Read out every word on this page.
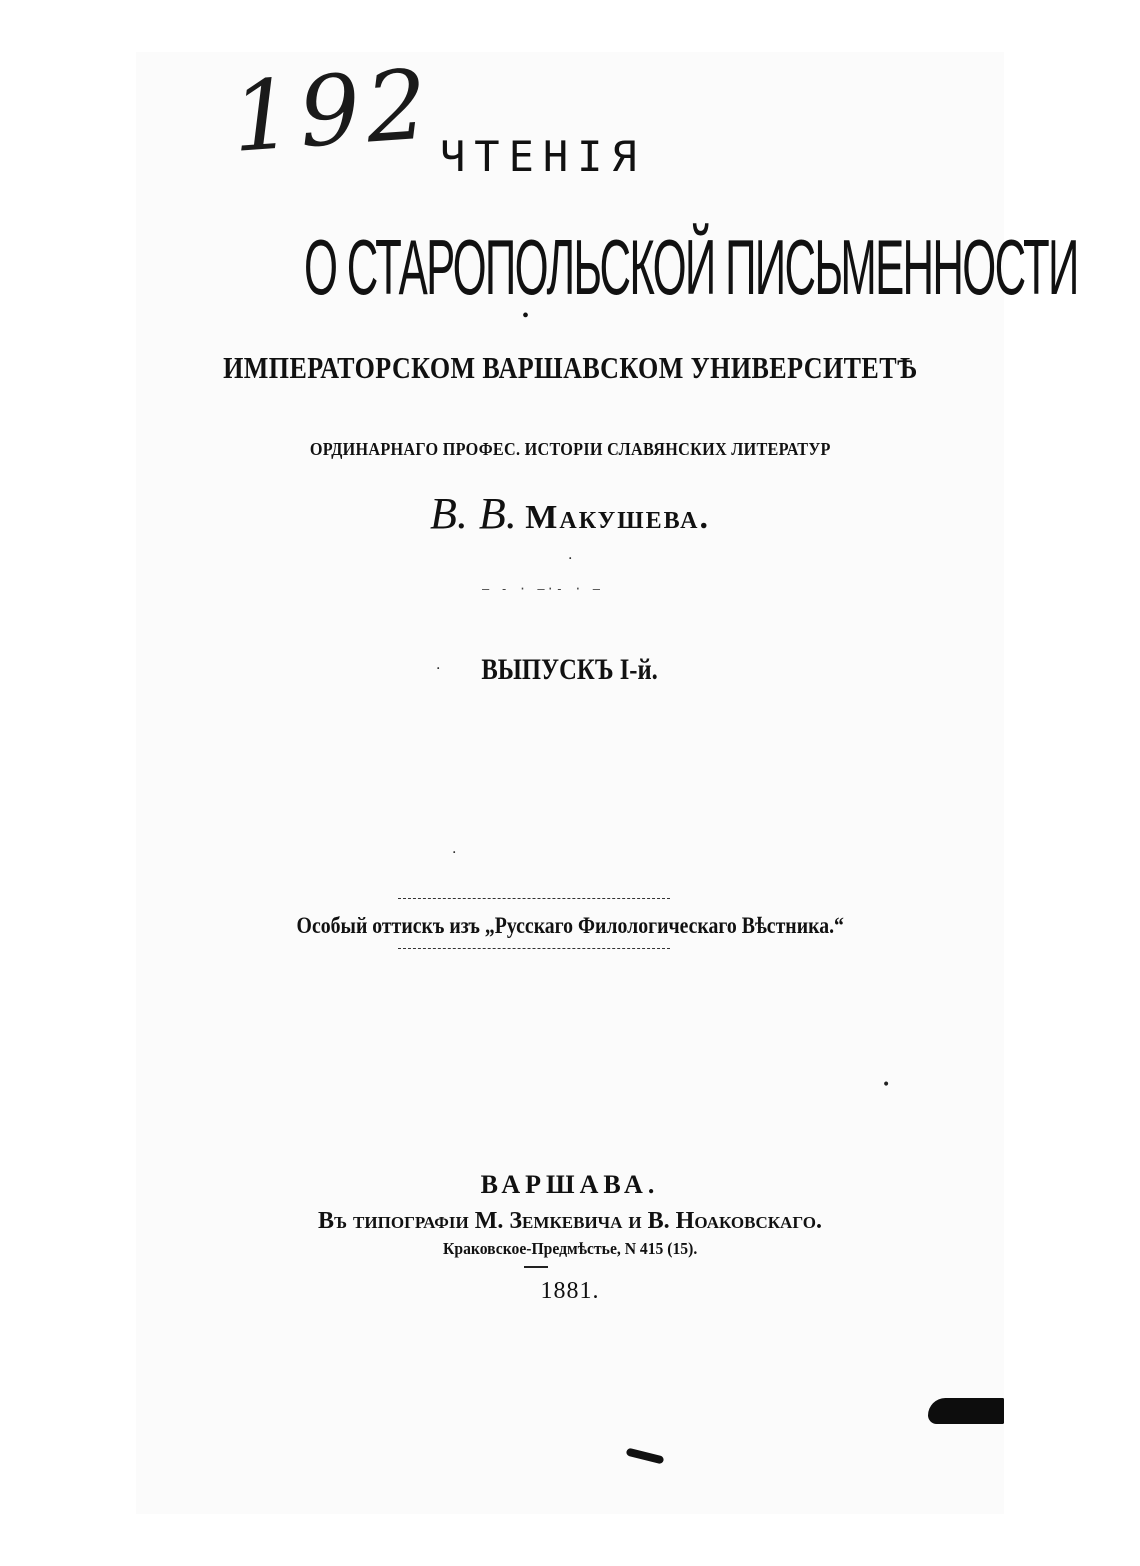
192 ЧТЕНІЯ
О СТАРОПОЛЬСКОЙ ПИСЬМЕННОСТИ
•
ИМПЕРАТОРСКОМ ВАРШАВСКОМ УНИВЕРСИТЕТѢ
ОРДИНАРНАГО ПРОФЕС. ИСТОРІИ СЛАВЯНСКИХ ЛИТЕРАТУР
В. В. Макушева.
.
— - · —·- · —
ВЫПУСКЪ I-й.
·
·
Особый оттискъ изъ „Русскаго Филологическаго Вѣстника.“
•
ВАРШАВА.
Въ типографіи М. Земкевича и В. Ноаковскаго.
Краковское-Предмѣстье, N 415 (15).
1881.
